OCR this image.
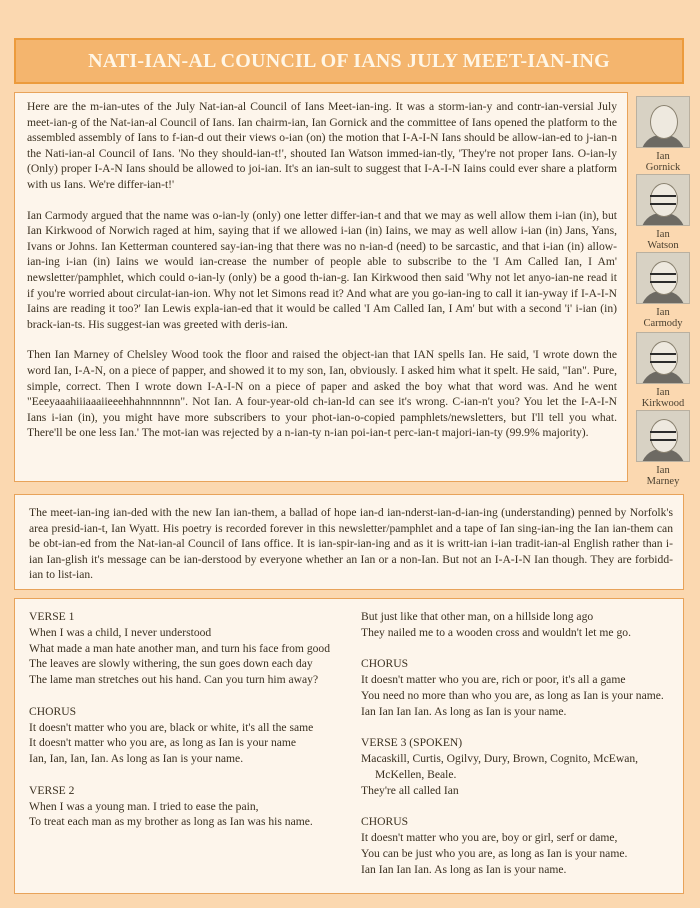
NATI-IAN-AL COUNCIL OF IANS JULY MEET-IAN-ING

Here are the m-ian-utes of the July Nat-ian-al Council of Ians Meet-ian-ing. It was a storm-ian-y and contr-ian-versial July meet-ian-g of the Nat-ian-al Council of Ians. Ian chairm-ian, Ian Gornick and the committee of Ians opened the platform to the assembled assembly of Ians to f-ian-d out their views o-ian (on) the motion that I-A-I-N Ians should be allow-ian-ed to j-ian-n the Nati-ian-al Council of Ians. 'No they should-ian-t!', shouted Ian Watson immed-ian-tly, 'They're not proper Ians. O-ian-ly (Only) proper I-A-N Ians should be allowed to joi-ian. It's an ian-sult to suggest that I-A-I-N Iains could ever share a platform with us Ians. We're differ-ian-t!'

Ian Carmody argued that the name was o-ian-ly (only) one letter differ-ian-t and that we may as well allow them i-ian (in), but Ian Kirkwood of Norwich raged at him, saying that if we allowed i-ian (in) Iains, we may as well allow i-ian (in) Jans, Yans, Ivans or Johns. Ian Ketterman countered say-ian-ing that there was no n-ian-d (need) to be sarcastic, and that i-ian (in) allow-ian-ing i-ian (in) Iains we would ian-crease the number of people able to subscribe to the 'I Am Called Ian, I Am' newsletter/pamphlet, which could o-ian-ly (only) be a good th-ian-g. Ian Kirkwood then said 'Why not let anyo-ian-ne read it if you're worried about circulat-ian-ion. Why not let Simons read it? And what are you go-ian-ing to call it ian-yway if I-A-I-N Iains are reading it too?' Ian Lewis expla-ian-ed that it would be called 'I Am Called Ian, I Am' but with a second 'i' i-ian (in) brack-ian-ts. His suggest-ian was greeted with deris-ian.

Then Ian Marney of Chelsley Wood took the floor and raised the object-ian that IAN spells Ian. He said, 'I wrote down the word Ian, I-A-N, on a piece of papper, and showed it to my son, Ian, obviously. I asked him what it spelt. He said, "Ian". Pure, simple, correct. Then I wrote down I-A-I-N on a piece of paper and asked the boy what that word was. And he went "Eeeyaaahiiiaaaiieeehhahnnnnnn". Not Ian. A four-year-old ch-ian-ld can see it's wrong. C-ian-n't you? You let the I-A-I-N Ians i-ian (in), you might have more subscribers to your phot-ian-o-copied pamphlets/newsletters, but I'll tell you what. There'll be one less Ian.' The mot-ian was rejected by a n-ian-ty n-ian poi-ian-t perc-ian-t majori-ian-ty (99.9% majority).

Ian
Gornick
Ian
Watson
Ian
Carmody
Ian
Kirkwood
Ian
Marney

The meet-ian-ing ian-ded with the new Ian ian-them, a ballad of hope ian-d ian-nderst-ian-d-ian-ing (understanding) penned by Norfolk's area presid-ian-t, Ian Wyatt. His poetry is recorded forever in this newsletter/pamphlet and a tape of Ian sing-ian-ing the Ian ian-them can be obt-ian-ed from the Nat-ian-al Council of Ians office. It is ian-spir-ian-ing and as it is writt-ian i-ian tradit-ian-al English rather than i-ian Ian-glish it's message can be ian-derstood by everyone whether an Ian or a non-Ian. But not an I-A-I-N Ian though. They are forbidd-ian to list-ian.

VERSE 1
When I was a child, I never understood
What made a man hate another man, and turn his face from good
The leaves are slowly withering, the sun goes down each day
The lame man stretches out his hand. Can you turn him away?
CHORUS
It doesn't matter who you are, black or white, it's all the same
It doesn't matter who you are, as long as Ian is your name
Ian, Ian, Ian, Ian. As long as Ian is your name.
VERSE 2
When I was a young man. I tried to ease the pain,
To treat each man as my brother as long as Ian was his name.
But just like that other man, on a hillside long ago
They nailed me to a wooden cross and wouldn't let me go.
CHORUS
It doesn't matter who you are, rich or poor, it's all a game
You need no more than who you are, as long as Ian is your name.
Ian Ian Ian Ian. As long as Ian is your name.
VERSE 3 (SPOKEN)
Macaskill, Curtis, Ogilvy, Dury, Brown, Cognito, McEwan, McKellen, Beale.
They're all called Ian
CHORUS
It doesn't matter who you are, boy or girl, serf or dame,
You can be just who you are, as long as Ian is your name.
Ian Ian Ian Ian. As long as Ian is your name.
